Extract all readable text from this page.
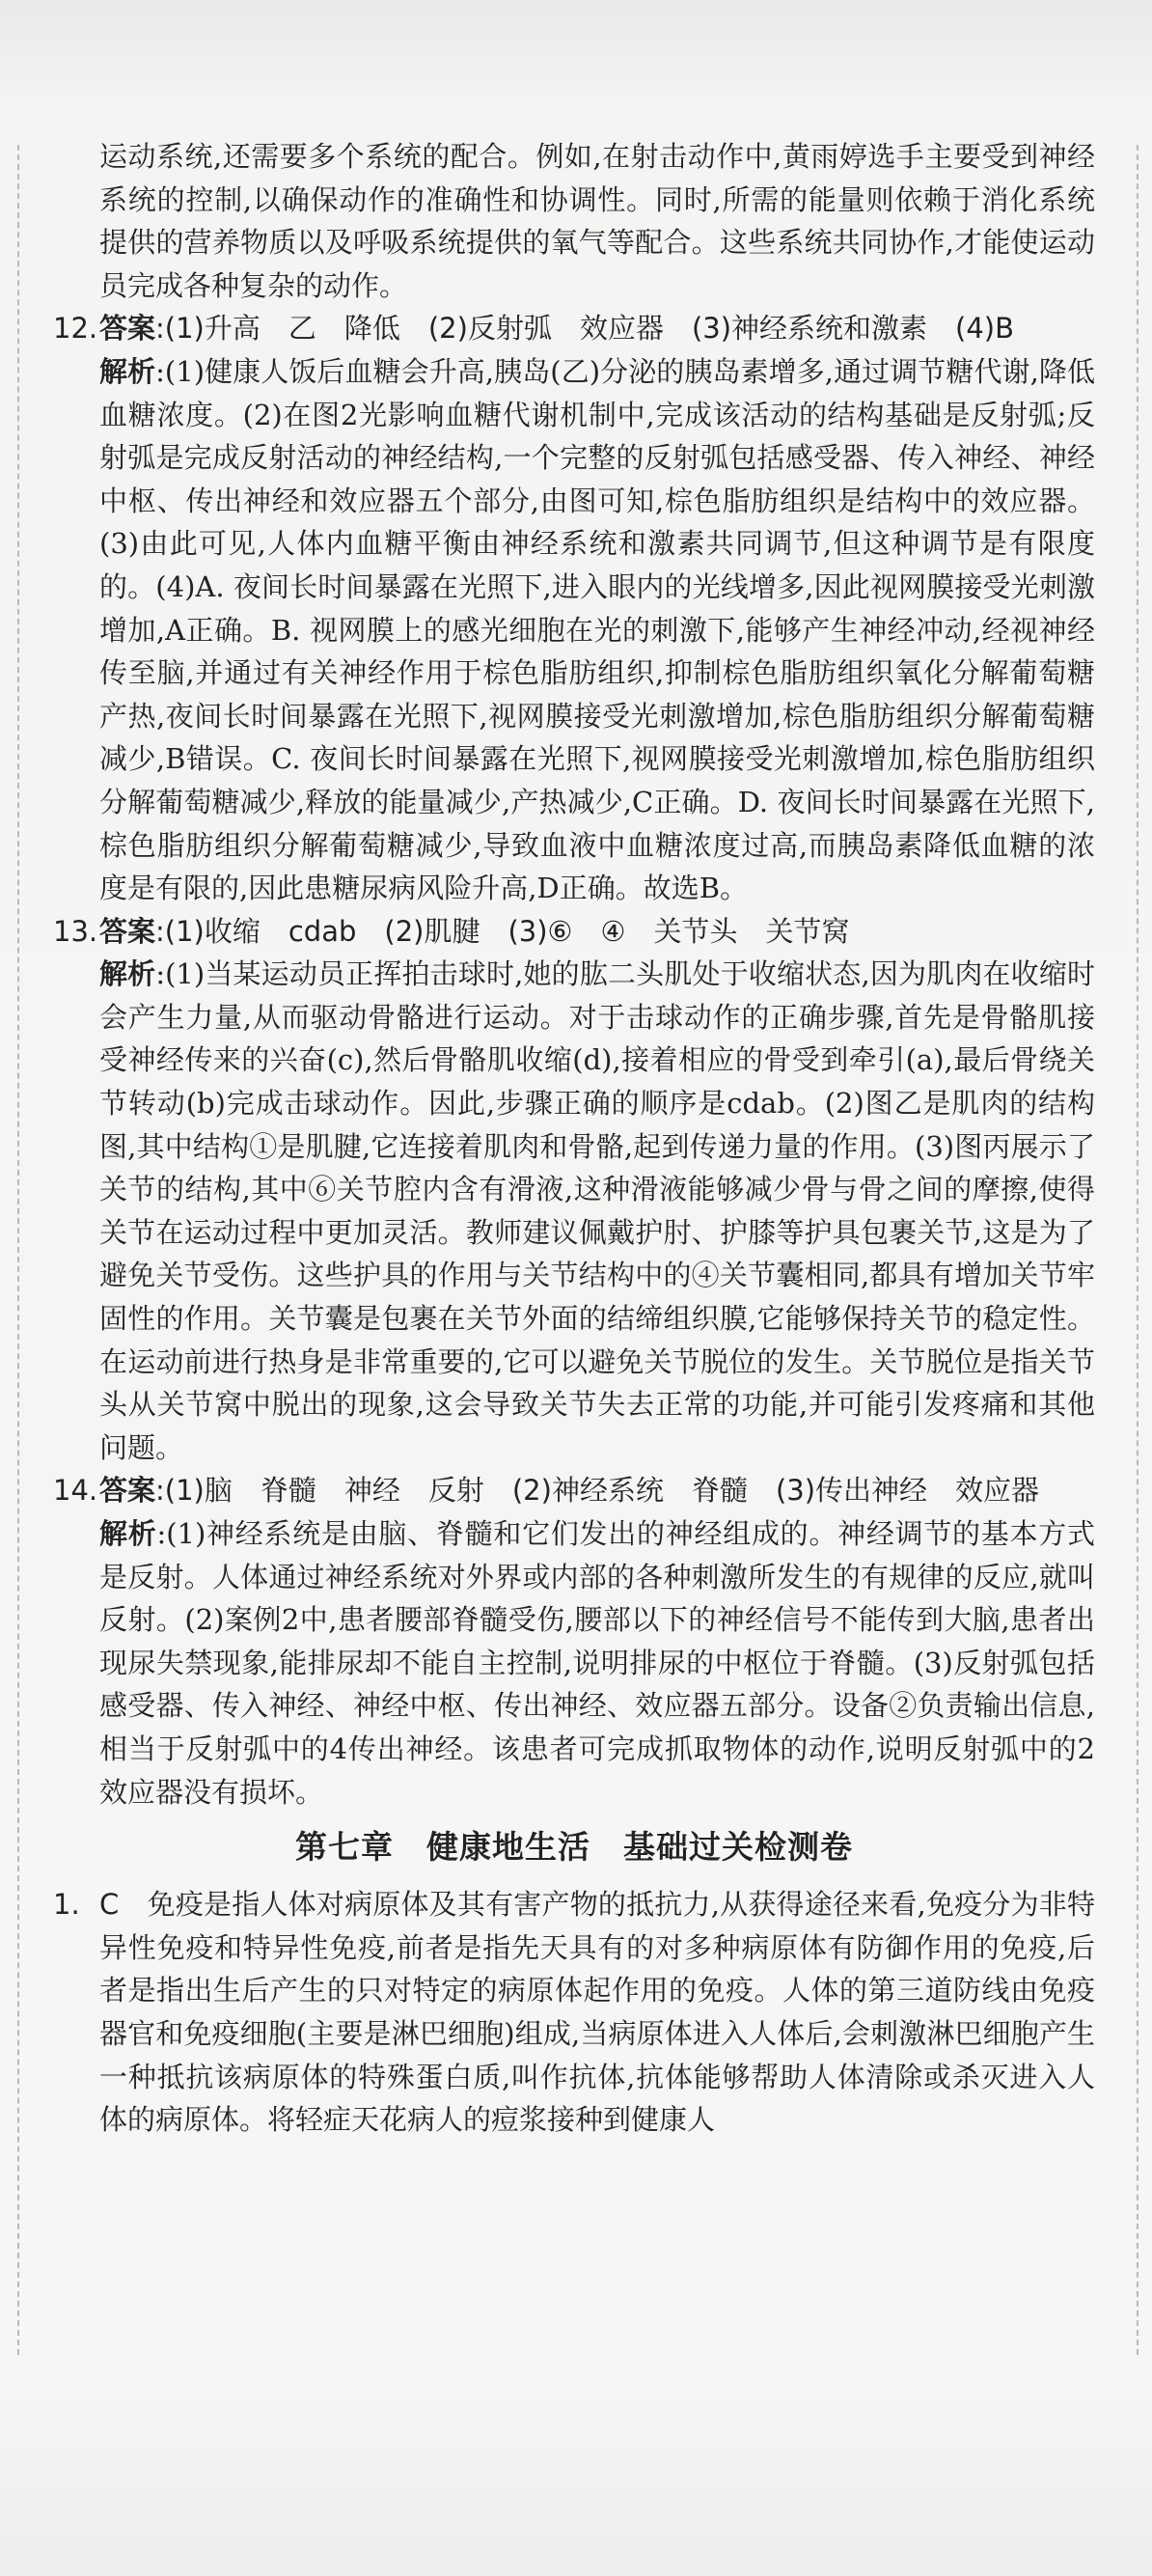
运动系统,还需要多个系统的配合。例如,在射击动作中,黄雨婷选手主要受到神经系统的控制,以确保动作的准确性和协调性。同时,所需的能量则依赖于消化系统提供的营养物质以及呼吸系统提供的氧气等配合。这些系统共同协作,才能使运动员完成各种复杂的动作。

12. 答案:(1)升高　乙　降低　(2)反射弧　效应器　(3)神经系统和激素　(4)B

解析:(1)健康人饭后血糖会升高,胰岛(乙)分泌的胰岛素增多,通过调节糖代谢,降低血糖浓度。(2)在图2光影响血糖代谢机制中,完成该活动的结构基础是反射弧;反射弧是完成反射活动的神经结构,一个完整的反射弧包括感受器、传入神经、神经中枢、传出神经和效应器五个部分,由图可知,棕色脂肪组织是结构中的效应器。(3)由此可见,人体内血糖平衡由神经系统和激素共同调节,但这种调节是有限度的。(4)A. 夜间长时间暴露在光照下,进入眼内的光线增多,因此视网膜接受光刺激增加,A正确。B. 视网膜上的感光细胞在光的刺激下,能够产生神经冲动,经视神经传至脑,并通过有关神经作用于棕色脂肪组织,抑制棕色脂肪组织氧化分解葡萄糖产热,夜间长时间暴露在光照下,视网膜接受光刺激增加,棕色脂肪组织分解葡萄糖减少,B错误。C. 夜间长时间暴露在光照下,视网膜接受光刺激增加,棕色脂肪组织分解葡萄糖减少,释放的能量减少,产热减少,C正确。D. 夜间长时间暴露在光照下,棕色脂肪组织分解葡萄糖减少,导致血液中血糖浓度过高,而胰岛素降低血糖的浓度是有限的,因此患糖尿病风险升高,D正确。故选B。

13. 答案:(1)收缩　cdab　(2)肌腱　(3)⑥　④　关节头　关节窝

解析:(1)当某运动员正挥拍击球时,她的肱二头肌处于收缩状态,因为肌肉在收缩时会产生力量,从而驱动骨骼进行运动。对于击球动作的正确步骤,首先是骨骼肌接受神经传来的兴奋(c),然后骨骼肌收缩(d),接着相应的骨受到牵引(a),最后骨绕关节转动(b)完成击球动作。因此,步骤正确的顺序是cdab。(2)图乙是肌肉的结构图,其中结构①是肌腱,它连接着肌肉和骨骼,起到传递力量的作用。(3)图丙展示了关节的结构,其中⑥关节腔内含有滑液,这种滑液能够减少骨与骨之间的摩擦,使得关节在运动过程中更加灵活。教师建议佩戴护肘、护膝等护具包裹关节,这是为了避免关节受伤。这些护具的作用与关节结构中的④关节囊相同,都具有增加关节牢固性的作用。关节囊是包裹在关节外面的结缔组织膜,它能够保持关节的稳定性。在运动前进行热身是非常重要的,它可以避免关节脱位的发生。关节脱位是指关节头从关节窝中脱出的现象,这会导致关节失去正常的功能,并可能引发疼痛和其他问题。

14. 答案:(1)脑　脊髓　神经　反射　(2)神经系统　脊髓　(3)传出神经　效应器

解析:(1)神经系统是由脑、脊髓和它们发出的神经组成的。神经调节的基本方式是反射。人体通过神经系统对外界或内部的各种刺激所发生的有规律的反应,就叫反射。(2)案例2中,患者腰部脊髓受伤,腰部以下的神经信号不能传到大脑,患者出现尿失禁现象,能排尿却不能自主控制,说明排尿的中枢位于脊髓。(3)反射弧包括感受器、传入神经、神经中枢、传出神经、效应器五部分。设备②负责输出信息,相当于反射弧中的4传出神经。该患者可完成抓取物体的动作,说明反射弧中的2效应器没有损坏。

第七章　健康地生活　基础过关检测卷
1. C　 免疫是指人体对病原体及其有害产物的抵抗力,从获得途径来看,免疫分为非特异性免疫和特异性免疫,前者是指先天具有的对多种病原体有防御作用的免疫,后者是指出生后产生的只对特定的病原体起作用的免疫。人体的第三道防线由免疫器官和免疫细胞(主要是淋巴细胞)组成,当病原体进入人体后,会刺激淋巴细胞产生一种抵抗该病原体的特殊蛋白质,叫作抗体,抗体能够帮助人体清除或杀灭进入人体的病原体。将轻症天花病人的痘浆接种到健康人
